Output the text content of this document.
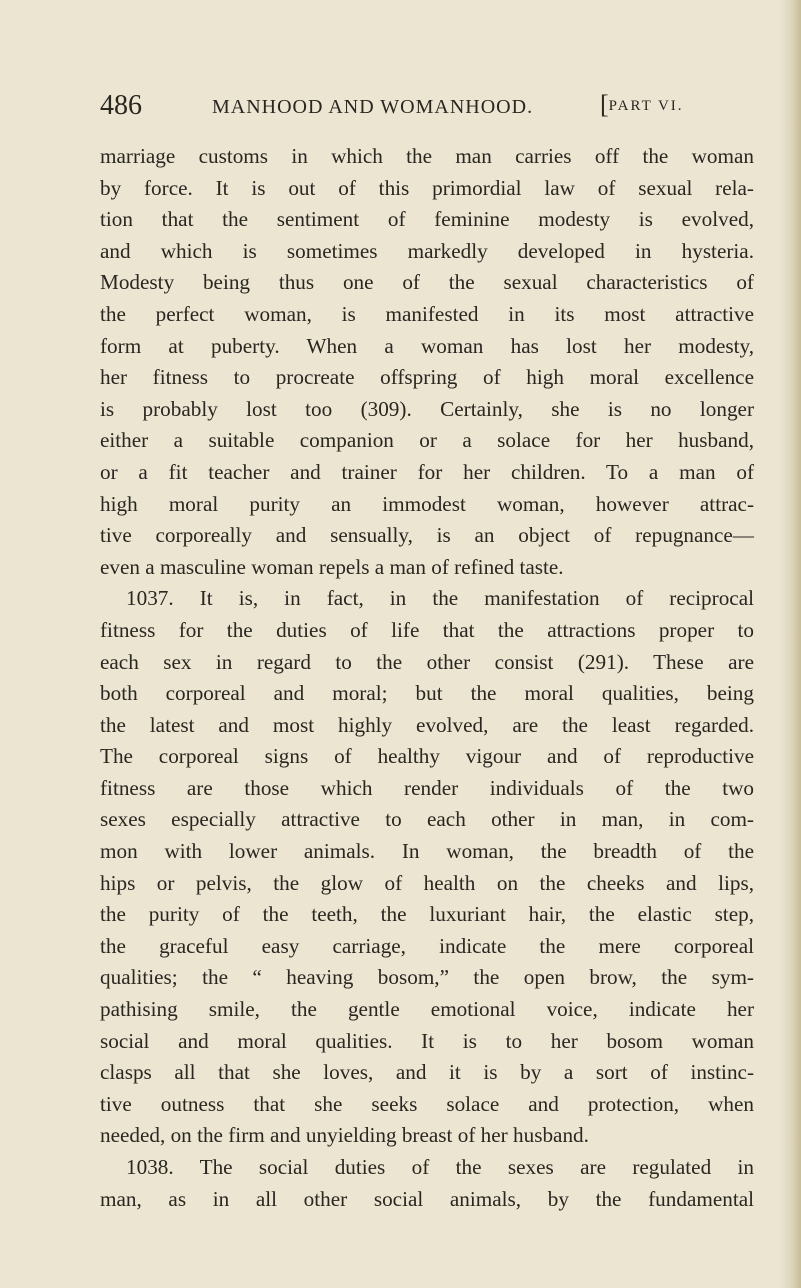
486	MANHOOD AND WOMANHOOD.	[PART VI.
marriage customs in which the man carries off the woman
by force. It is out of this primordial law of sexual rela-
tion that the sentiment of feminine modesty is evolved,
and which is sometimes markedly developed in hysteria.
Modesty being thus one of the sexual characteristics of
the perfect woman, is manifested in its most attractive
form at puberty. When a woman has lost her modesty,
her fitness to procreate offspring of high moral excellence
is probably lost too (309). Certainly, she is no longer
either a suitable companion or a solace for her husband,
or a fit teacher and trainer for her children. To a man of
high moral purity an immodest woman, however attrac-
tive corporeally and sensually, is an object of repugnance—
even a masculine woman repels a man of refined taste.
1037. It is, in fact, in the manifestation of reciprocal
fitness for the duties of life that the attractions proper to
each sex in regard to the other consist (291). These are
both corporeal and moral; but the moral qualities, being
the latest and most highly evolved, are the least regarded.
The corporeal signs of healthy vigour and of reproductive
fitness are those which render individuals of the two
sexes especially attractive to each other in man, in com-
mon with lower animals. In woman, the breadth of the
hips or pelvis, the glow of health on the cheeks and lips,
the purity of the teeth, the luxuriant hair, the elastic step,
the graceful easy carriage, indicate the mere corporeal
qualities; the “ heaving bosom,” the open brow, the sym-
pathising smile, the gentle emotional voice, indicate her
social and moral qualities. It is to her bosom woman
clasps all that she loves, and it is by a sort of instinc-
tive outness that she seeks solace and protection, when
needed, on the firm and unyielding breast of her husband.
1038. The social duties of the sexes are regulated in
man, as in all other social animals, by the fundamental
